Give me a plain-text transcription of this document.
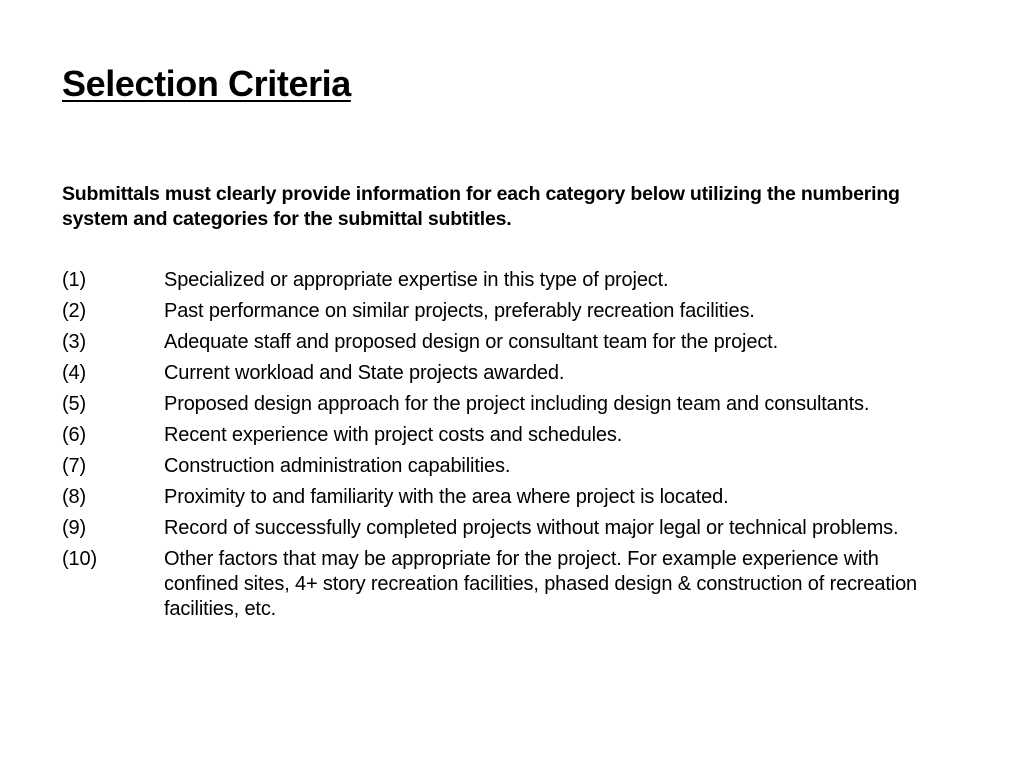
Selection Criteria

Submittals must clearly provide information for each category below utilizing the numbering system and categories for the submittal subtitles.

(1)	Specialized or appropriate expertise in this type of project.
(2)	Past performance on similar projects, preferably recreation facilities.
(3)	Adequate staff and proposed design or consultant team for the project.
(4)	Current workload and State projects awarded.
(5)	Proposed design approach for the project including design team and consultants.
(6)	Recent experience with project costs and schedules.
(7)	Construction administration capabilities.
(8)	Proximity to and familiarity with the area where project is located.
(9)	Record of successfully completed projects without major legal or technical problems.
(10)	Other factors that may be appropriate for the project. For example experience with confined sites, 4+ story recreation facilities, phased design & construction of recreation facilities, etc.
